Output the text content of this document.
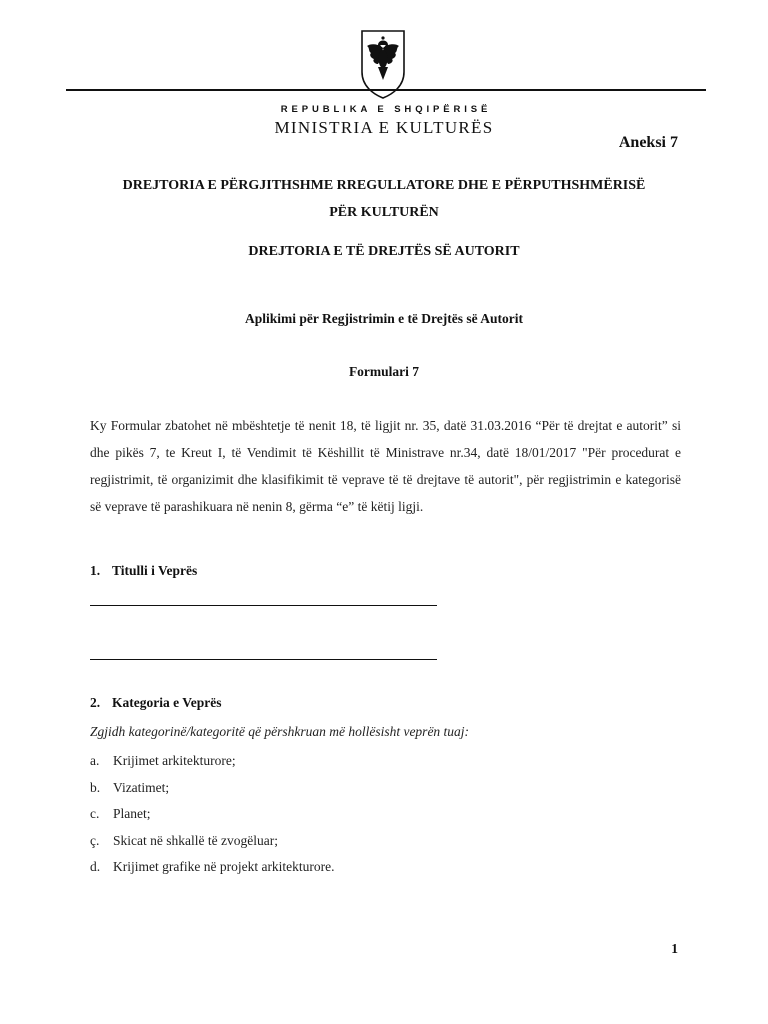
REPUBLIKA E SHQIPËRISË
MINISTRIA E KULTURËS
Aneksi 7
DREJTORIA E PËRGJITHSHME RREGULLATORE DHE E PËRPUTHSHMËRISË
PËR KULTURËN
DREJTORIA E TË DREJTËS SË AUTORIT
Aplikimi për Regjistrimin e të Drejtës së Autorit
Formulari 7

Ky Formular zbatohet në mbështetje të nenit 18, të ligjit nr. 35, datë 31.03.2016 “Për të drejtat e autorit” si dhe pikës 7, te Kreut I, të Vendimit të Këshillit të Ministrave nr.34, datë 18/01/2017 "Për procedurat e regjistrimit, të organizimit dhe klasifikimit të veprave të të drejtave të autorit", për regjistrimin e kategorisë së veprave të parashikuara në nenin 8, gërma “e” të këtij ligji.

1. Titulli i Veprës
2. Kategoria e Veprës
Zgjidh kategorinë/kategoritë që përshkruan më hollësisht veprën tuaj:
a. Krijimet arkitekturore;
b. Vizatimet;
c. Planet;
ç. Skicat në shkallë të zvogëluar;
d. Krijimet grafike në projekt arkitekturore.
1
